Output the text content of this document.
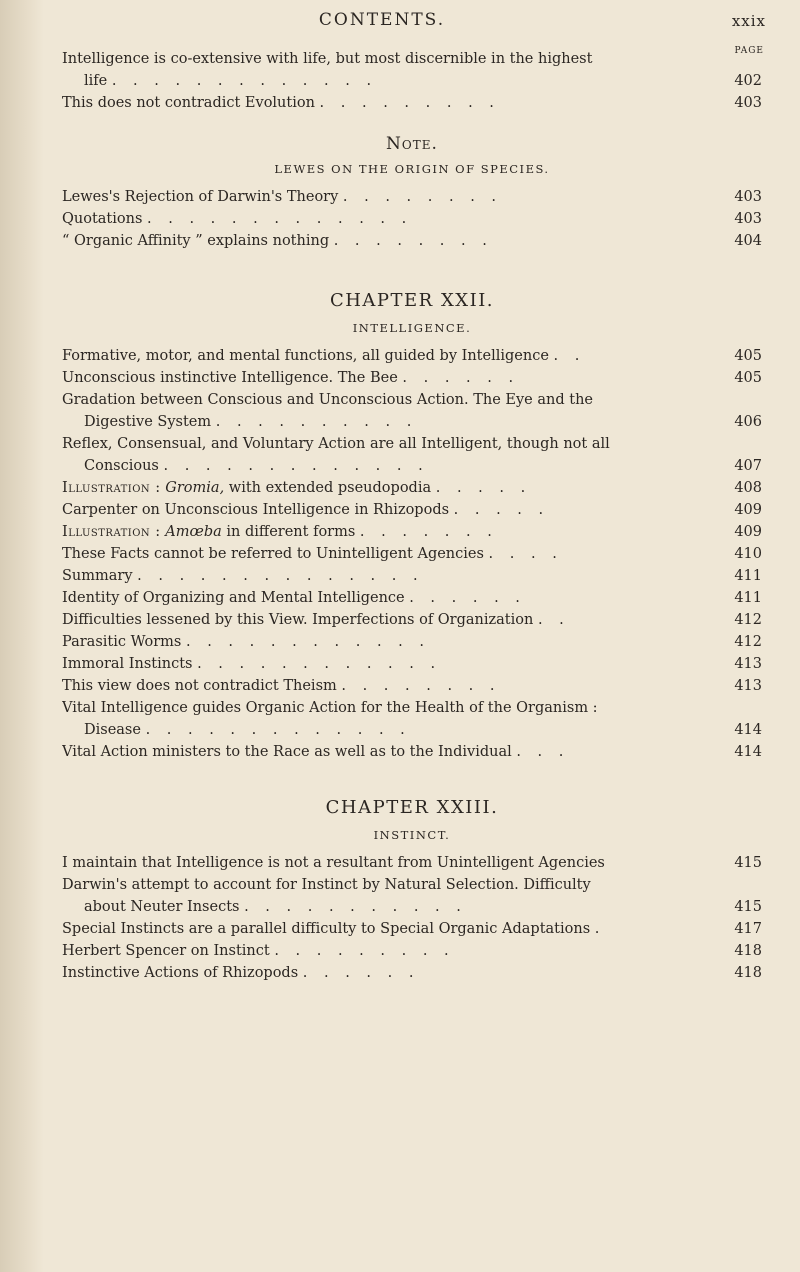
CONTENTS.	xxix
PAGE
Intelligence is co-extensive with life, but most discernible in the highest
life . . . . . . . . . . . . .	402
This does not contradict Evolution . . . . . . . . .	403
Note.
LEWES ON THE ORIGIN OF SPECIES.
Lewes's Rejection of Darwin's Theory . . . . . . . .	403
Quotations . . . . . . . . . . . . .	403
“ Organic Affinity ” explains nothing . . . . . . . .	404
CHAPTER XXII.
INTELLIGENCE.
Formative, motor, and mental functions, all guided by Intelligence . .	405
Unconscious instinctive Intelligence. The Bee . . . . . .	405
Gradation between Conscious and Unconscious Action. The Eye and the
Digestive System . . . . . . . . . .	406
Reflex, Consensual, and Voluntary Action are all Intelligent, though not all
Conscious . . . . . . . . . . . . .	407
Illustration : Gromia, with extended pseudopodia . . . . .	408
Carpenter on Unconscious Intelligence in Rhizopods . . . . .	409
Illustration : Amœba in different forms . . . . . . .	409
These Facts cannot be referred to Unintelligent Agencies . . . .	410
Summary . . . . . . . . . . . . . .	411
Identity of Organizing and Mental Intelligence . . . . . .	411
Difficulties lessened by this View. Imperfections of Organization . .	412
Parasitic Worms . . . . . . . . . . . .	412
Immoral Instincts . . . . . . . . . . . .	413
This view does not contradict Theism . . . . . . . .	413
Vital Intelligence guides Organic Action for the Health of the Organism :
Disease . . . . . . . . . . . . .	414
Vital Action ministers to the Race as well as to the Individual . . .	414
CHAPTER XXIII.
INSTINCT.
I maintain that Intelligence is not a resultant from Unintelligent Agencies	415
Darwin's attempt to account for Instinct by Natural Selection. Difficulty
about Neuter Insects . . . . . . . . . . .	415
Special Instincts are a parallel difficulty to Special Organic Adaptations .	417
Herbert Spencer on Instinct . . . . . . . . .	418
Instinctive Actions of Rhizopods . . . . . .	418
